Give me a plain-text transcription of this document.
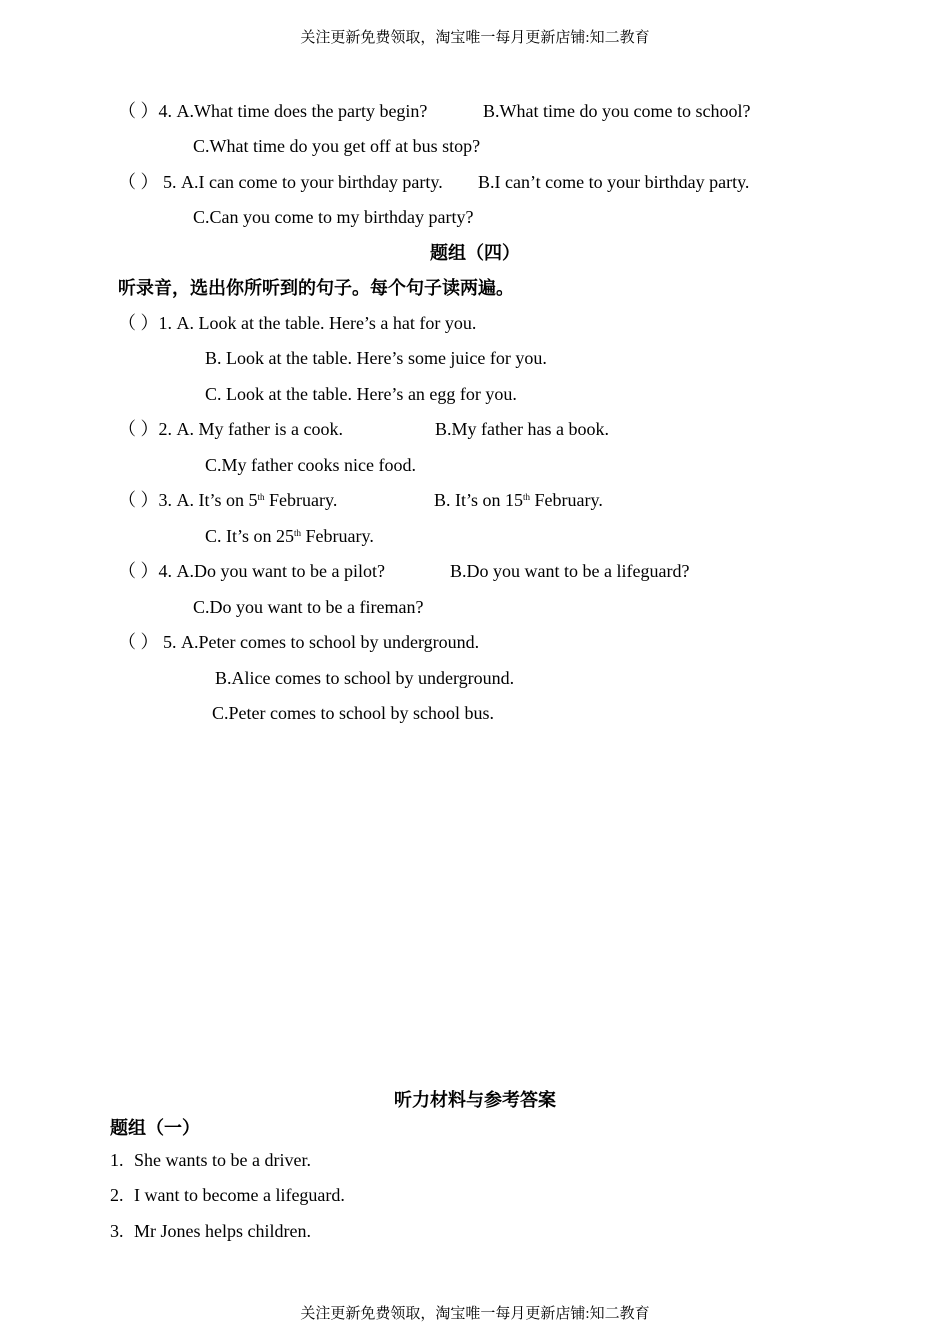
关注更新免费领取，淘宝唯一每月更新店铺:知二教育
（ ）4. A.What time does the party begin?	B.What time do you come to school?
C.What time do you get off at bus stop?
（ ） 5. A.I can come to your birthday party. B.I can’t come to your birthday party.
C.Can you come to my birthday party?
题组（四）
听录音，选出你所听到的句子。每个句子读两遍。
（ ）1. A. Look at the table. Here’s a hat for you.
B. Look at the table. Here’s some juice for you.
C. Look at the table. Here’s an egg for you.
（ ）2. A. My father is a cook.	B.My father has a book.
C.My father cooks nice food.
（ ）3. A. It’s on 5th February.	B. It’s on 15th February.
C. It’s on 25th February.
（ ）4. A.Do you want to be a pilot?	B.Do you want to be a lifeguard?
C.Do you want to be a fireman?
（ ） 5. A.Peter comes to school by underground.
B.Alice comes to school by underground.
C.Peter comes to school by school bus.
听力材料与参考答案
题组（一）
1. She wants to be a driver.
2. I want to become a lifeguard.
3. Mr Jones helps children.
关注更新免费领取，淘宝唯一每月更新店铺:知二教育
